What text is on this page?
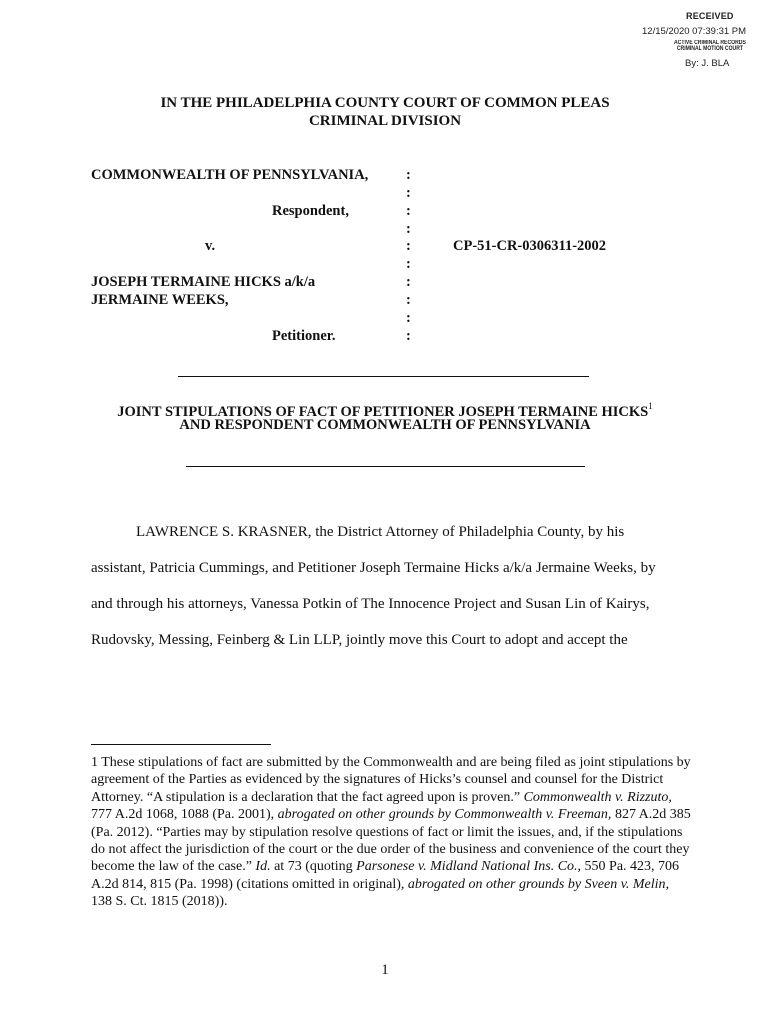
RECEIVED
12/15/2020 07:39:31 PM
ACTIVE CRIMINAL RECORDS
CRIMINAL MOTION COURT
By: J. BLA
IN THE PHILADELPHIA COUNTY COURT OF COMMON PLEAS
CRIMINAL DIVISION
COMMONWEALTH OF PENNSYLVANIA,
Respondent,
v.	CP-51-CR-0306311-2002
JOSEPH TERMAINE HICKS a/k/a
JERMAINE WEEKS,
Petitioner.
:
:
:
:
:
:
:
:
:
:
JOINT STIPULATIONS OF FACT OF PETITIONER JOSEPH TERMAINE HICKS$^1$
AND RESPONDENT COMMONWEALTH OF PENNSYLVANIA
LAWRENCE S. KRASNER, the District Attorney of Philadelphia County, by his
assistant, Patricia Cummings, and Petitioner Joseph Termaine Hicks a/k/a Jermaine Weeks, by
and through his attorneys, Vanessa Potkin of The Innocence Project and Susan Lin of Kairys,
Rudovsky, Messing, Feinberg & Lin LLP, jointly move this Court to adopt and accept the
1 These stipulations of fact are submitted by the Commonwealth and are being filed as joint stipulations by agreement of the Parties as evidenced by the signatures of Hicks’s counsel and counsel for the District Attorney. “A stipulation is a declaration that the fact agreed upon is proven.” Commonwealth v. Rizzuto, 777 A.2d 1068, 1088 (Pa. 2001), abrogated on other grounds by Commonwealth v. Freeman, 827 A.2d 385 (Pa. 2012). “Parties may by stipulation resolve questions of fact or limit the issues, and, if the stipulations do not affect the jurisdiction of the court or the due order of the business and convenience of the court they become the law of the case.” Id. at 73 (quoting Parsonese v. Midland National Ins. Co., 550 Pa. 423, 706 A.2d 814, 815 (Pa. 1998) (citations omitted in original), abrogated on other grounds by Sveen v. Melin, 138 S. Ct. 1815 (2018)).
1
